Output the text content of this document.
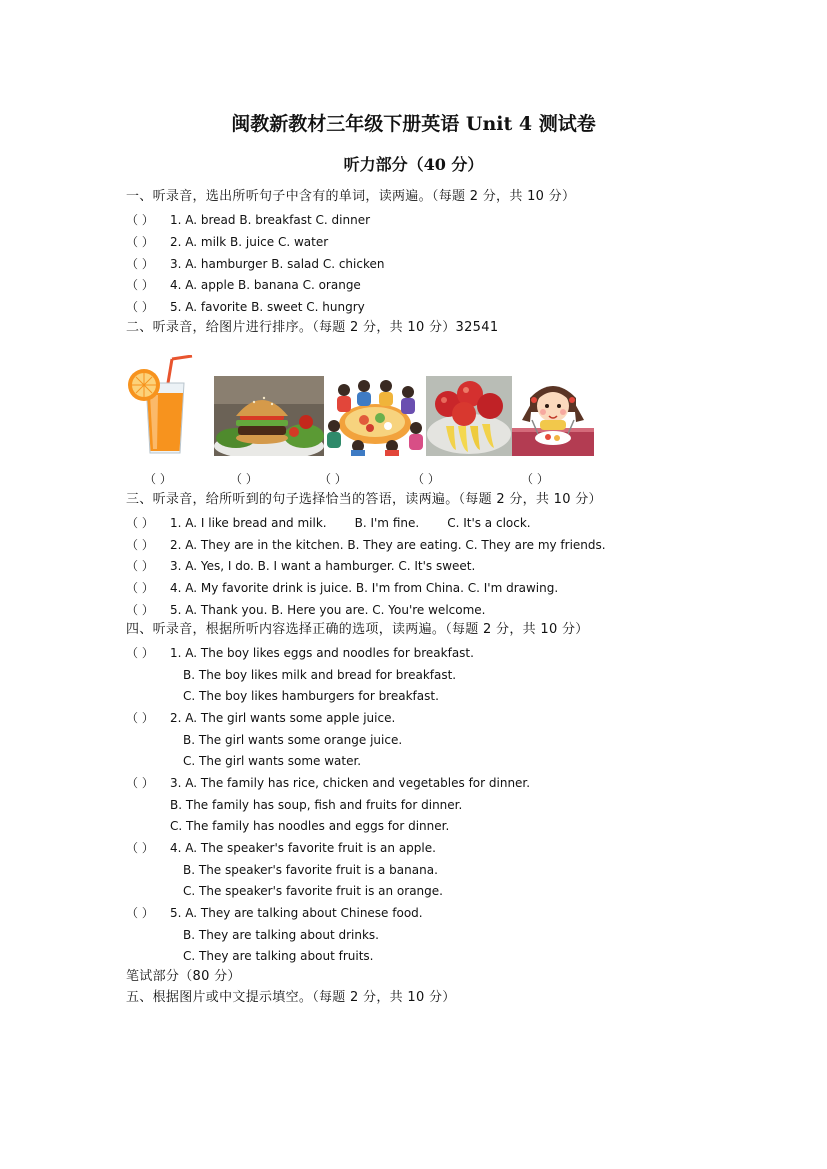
闽教新教材三年级下册英语 Unit 4 测试卷
听力部分（40 分）
一、听录音，选出所听句子中含有的单词，读两遍。（每题 2 分，共 10 分）
（ ） 1. A. bread B. breakfast C. dinner
（ ） 2. A. milk B. juice C. water
（ ） 3. A. hamburger B. salad C. chicken
（ ） 4. A. apple B. banana C. orange
（ ） 5. A. favorite B. sweet C. hungry
二、听录音，给图片进行排序。（每题 2 分，共 10 分）32541
（ ）	（ ）	（ ）	（ ）	（ ）
三、听录音，给所听到的句子选择恰当的答语，读两遍。（每题 2 分，共 10 分）
（ ） 1. A. I like bread and milk. B. I'm fine. C. It's a clock.
（ ） 2. A. They are in the kitchen. B. They are eating. C. They are my friends.
（ ） 3. A. Yes, I do. B. I want a hamburger. C. It's sweet.
（ ） 4. A. My favorite drink is juice. B. I'm from China. C. I'm drawing.
（ ） 5. A. Thank you. B. Here you are. C. You're welcome.
四、听录音，根据所听内容选择正确的选项，读两遍。（每题 2 分，共 10 分）
（ ） 1. A. The boy likes eggs and noodles for breakfast.
B. The boy likes milk and bread for breakfast.
C. The boy likes hamburgers for breakfast.
（ ） 2. A. The girl wants some apple juice.
B. The girl wants some orange juice.
C. The girl wants some water.
（ ） 3. A. The family has rice, chicken and vegetables for dinner.
B. The family has soup, fish and fruits for dinner.
C. The family has noodles and eggs for dinner.
（ ） 4. A. The speaker's favorite fruit is an apple.
B. The speaker's favorite fruit is a banana.
C. The speaker's favorite fruit is an orange.
（ ） 5. A. They are talking about Chinese food.
B. They are talking about drinks.
C. They are talking about fruits.
笔试部分（80 分）
五、根据图片或中文提示填空。（每题 2 分，共 10 分）
